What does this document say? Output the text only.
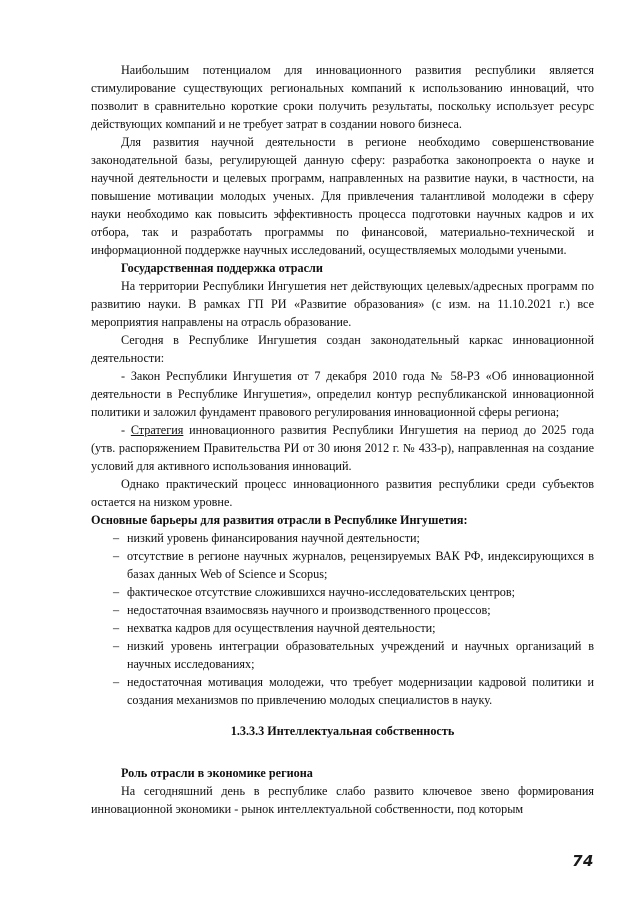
Наибольшим потенциалом для инновационного развития республики является стимулирование существующих региональных компаний к использованию инноваций, что позволит в сравнительно короткие сроки получить результаты, поскольку использует ресурс действующих компаний и не требует затрат в создании нового бизнеса.

Для развития научной деятельности в регионе необходимо совершенствование законодательной базы, регулирующей данную сферу: разработка законопроекта о науке и научной деятельности и целевых программ, направленных на развитие науки, в частности, на повышение мотивации молодых ученых. Для привлечения талантливой молодежи в сферу науки необходимо как повысить эффективность процесса подготовки научных кадров и их отбора, так и разработать программы по финансовой, материально-технической и информационной поддержке научных исследований, осуществляемых молодыми учеными.

Государственная поддержка отрасли

На территории Республики Ингушетия нет действующих целевых/адресных программ по развитию науки. В рамках ГП РИ «Развитие образования» (с изм. на 11.10.2021 г.) все мероприятия направлены на отрасль образование.

Сегодня в Республике Ингушетия создан законодательный каркас инновационной деятельности:

- Закон Республики Ингушетия от 7 декабря 2010 года № 58-РЗ «Об инновационной деятельности в Республике Ингушетия», определил контур республиканской инновационной политики и заложил фундамент правового регулирования инновационной сферы региона;

- Стратегия инновационного развития Республики Ингушетия на период до 2025 года (утв. распоряжением Правительства РИ от 30 июня 2012 г. № 433-р), направленная на создание условий для активного использования инноваций.

Однако практический процесс инновационного развития республики среди субъектов остается на низком уровне.

Основные барьеры для развития отрасли в Республике Ингушетия:

– низкий уровень финансирования научной деятельности;
– отсутствие в регионе научных журналов, рецензируемых ВАК РФ, индексирующихся в базах данных Web of Science и Scopus;
– фактическое отсутствие сложившихся научно-исследовательских центров;
– недостаточная взаимосвязь научного и производственного процессов;
– нехватка кадров для осуществления научной деятельности;
– низкий уровень интеграции образовательных учреждений и научных организаций в научных исследованиях;
– недостаточная мотивация молодежи, что требует модернизации кадровой политики и создания механизмов по привлечению молодых специалистов в науку.

1.3.3.3 Интеллектуальная собственность

Роль отрасли в экономике региона

На сегодняшний день в республике слабо развито ключевое звено формирования инновационной экономики - рынок интеллектуальной собственности, под которым

74
